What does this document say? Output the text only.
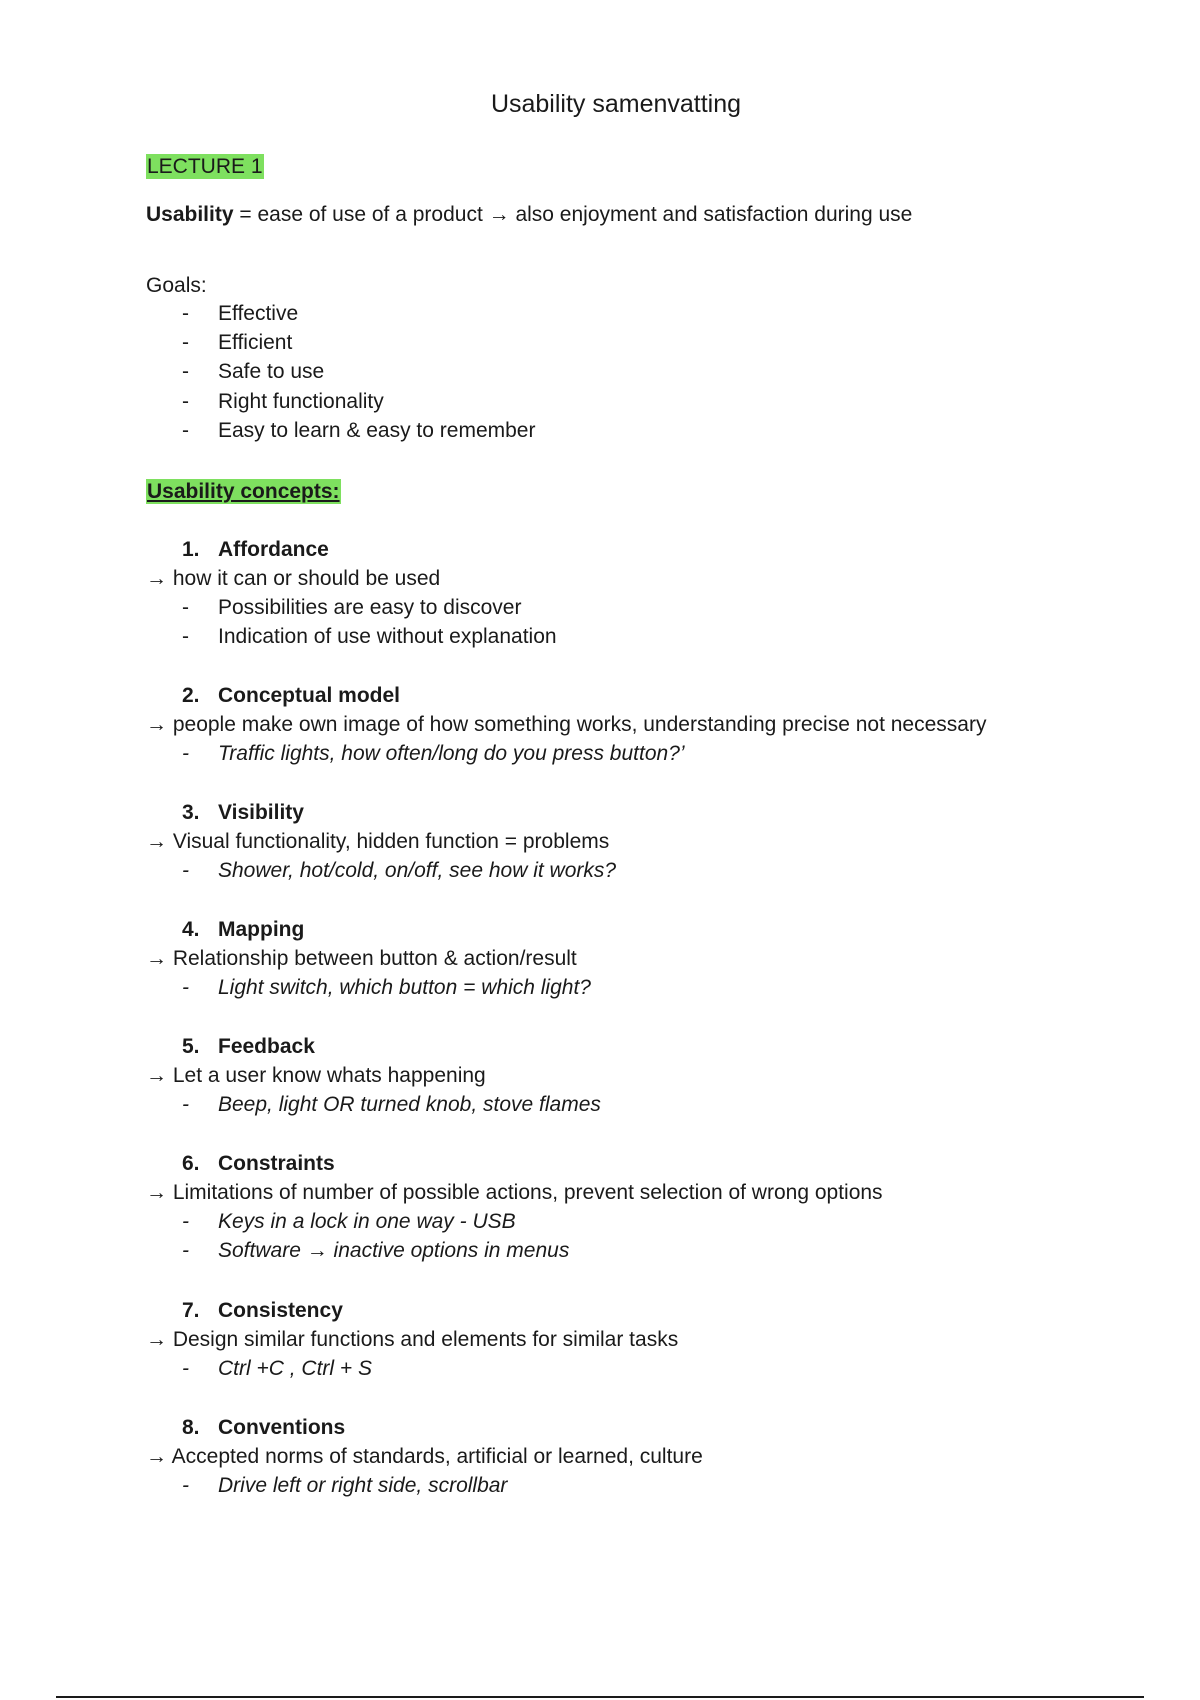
Usability samenvatting
LECTURE 1
Usability = ease of use of a product → also enjoyment and satisfaction during use
Goals:
- Effective
- Efficient
- Safe to use
- Right functionality
- Easy to learn & easy to remember
Usability concepts:
1. Affordance
→ how it can or should be used
- Possibilities are easy to discover
- Indication of use without explanation
2. Conceptual model
→ people make own image of how something works, understanding precise not necessary
- Traffic lights, how often/long do you press button?’
3. Visibility
→ Visual functionality, hidden function = problems
- Shower, hot/cold, on/off, see how it works?
4. Mapping
→ Relationship between button & action/result
- Light switch, which button = which light?
5. Feedback
→ Let a user know whats happening
- Beep, light OR turned knob, stove flames
6. Constraints
→ Limitations of number of possible actions, prevent selection of wrong options
- Keys in a lock in one way - USB
- Software → inactive options in menus
7. Consistency
→ Design similar functions and elements for similar tasks
- Ctrl +C , Ctrl + S
8. Conventions
→ Accepted norms of standards, artificial or learned, culture
- Drive left or right side, scrollbar
